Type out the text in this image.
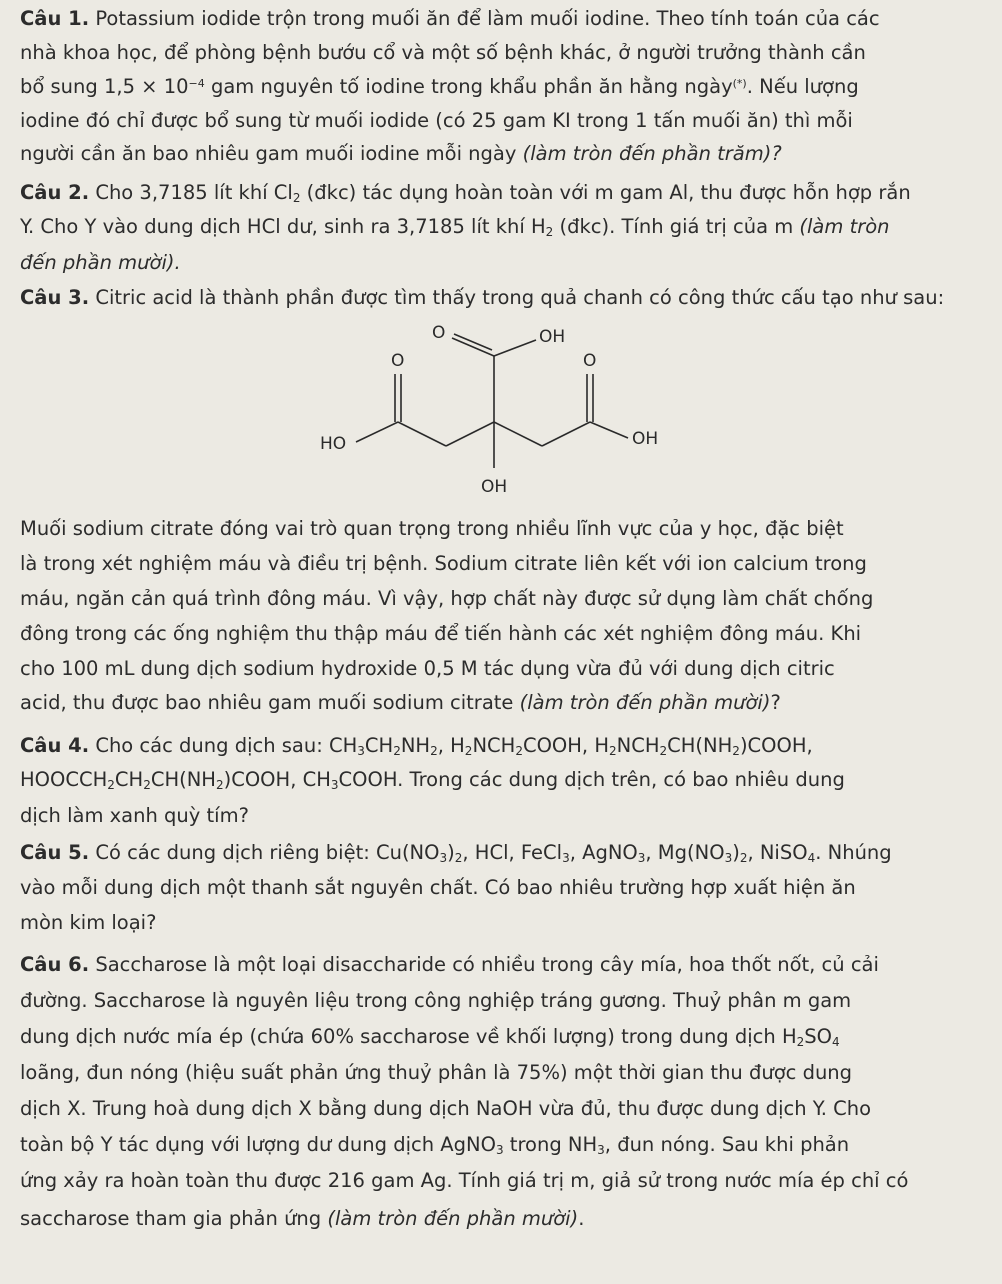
Câu 1. Potassium iodide trộn trong muối ăn để làm muối iodine. Theo tính toán của các
nhà khoa học, để phòng bệnh bướu cổ và một số bệnh khác, ở người trưởng thành cần
bổ sung $1,5 \times 10^{-4}$ gam nguyên tố iodine trong khẩu phần ăn hằng ngày(*). Nếu lượng
iodine đó chỉ được bổ sung từ muối iodide (có 25 gam KI trong 1 tấn muối ăn) thì mỗi
người cần ăn bao nhiêu gam muối iodine mỗi ngày (làm tròn đến phần trăm)?
Câu 2. Cho 3,7185 lít khí $Cl_2$ (đkc) tác dụng hoàn toàn với m gam Al, thu được hỗn hợp rắn
Y. Cho Y vào dung dịch HCl dư, sinh ra 3,7185 lít khí $H_2$ (đkc). Tính giá trị của m (làm tròn
đến phần mười).
Câu 3. Citric acid là thành phần được tìm thấy trong quả chanh có công thức cấu tạo như sau:
O	OH
O	O
HO	OH
OH
Muối sodium citrate đóng vai trò quan trọng trong nhiều lĩnh vực của y học, đặc biệt
là trong xét nghiệm máu và điều trị bệnh. Sodium citrate liên kết với ion calcium trong
máu, ngăn cản quá trình đông máu. Vì vậy, hợp chất này được sử dụng làm chất chống
đông trong các ống nghiệm thu thập máu để tiến hành các xét nghiệm đông máu. Khi
cho 100 mL dung dịch sodium hydroxide 0,5 M tác dụng vừa đủ với dung dịch citric
acid, thu được bao nhiêu gam muối sodium citrate (làm tròn đến phần mười)?
Câu 4. Cho các dung dịch sau: $CH_3CH_2NH_2$, $H_2NCH_2COOH$, $H_2NCH_2CH(NH_2)COOH$,
$HOOCCH_2CH_2CH(NH_2)COOH$, $CH_3COOH$. Trong các dung dịch trên, có bao nhiêu dung
dịch làm xanh quỳ tím?
Câu 5. Có các dung dịch riêng biệt: $Cu(NO_3)_2$, HCl, FeCl$_3$, AgNO$_3$, $Mg(NO_3)_2$, NiSO$_4$. Nhúng
vào mỗi dung dịch một thanh sắt nguyên chất. Có bao nhiêu trường hợp xuất hiện ăn
mòn kim loại?
Câu 6. Saccharose là một loại disaccharide có nhiều trong cây mía, hoa thốt nốt, củ cải
đường. Saccharose là nguyên liệu trong công nghiệp tráng gương. Thuỷ phân m gam
dung dịch nước mía ép (chứa 60% saccharose về khối lượng) trong dung dịch $H_2SO_4$
loãng, đun nóng (hiệu suất phản ứng thuỷ phân là 75%) một thời gian thu được dung
dịch X. Trung hoà dung dịch X bằng dung dịch NaOH vừa đủ, thu được dung dịch Y. Cho
toàn bộ Y tác dụng với lượng dư dung dịch AgNO$_3$ trong $NH_3$, đun nóng. Sau khi phản
ứng xảy ra hoàn toàn thu được 216 gam Ag. Tính giá trị m, giả sử trong nước mía ép chỉ có
saccharose tham gia phản ứng (làm tròn đến phần mười).
